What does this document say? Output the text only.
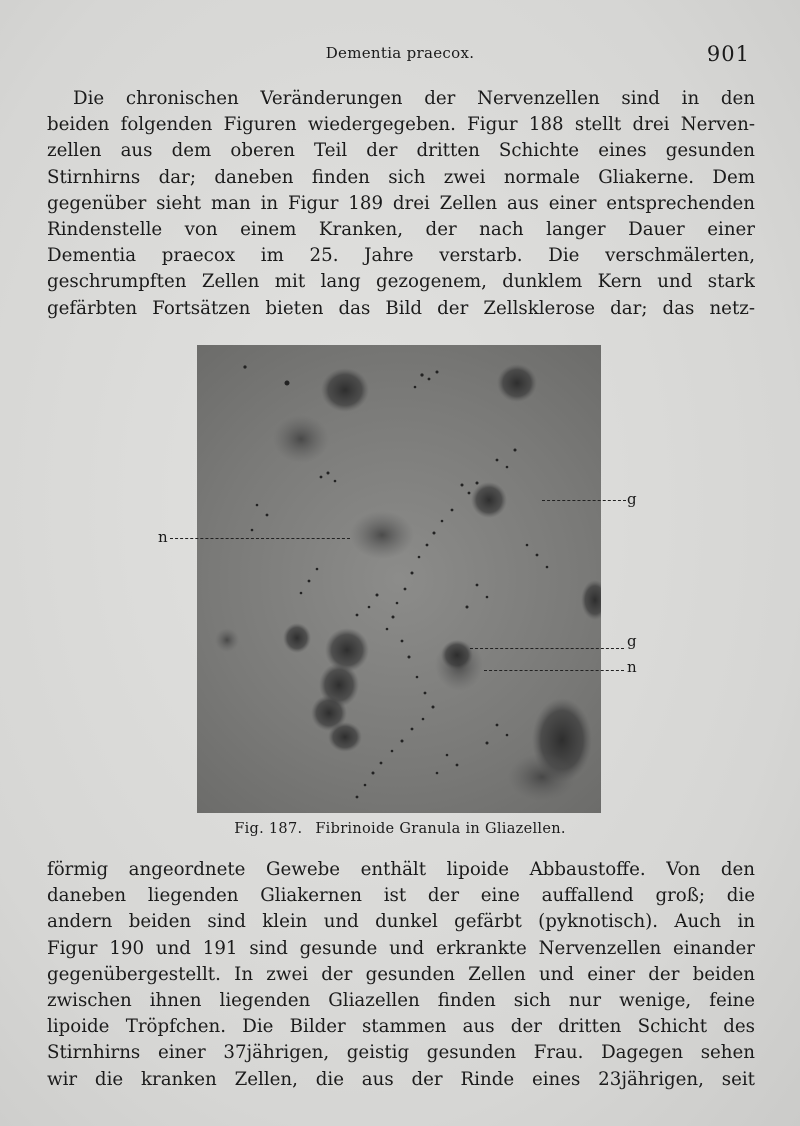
Dementia praecox.	901
Die chronischen Veränderungen der Nervenzellen sind in den
beiden folgenden Figuren wiedergegeben. Figur 188 stellt drei Nerven-
zellen aus dem oberen Teil der dritten Schichte eines gesunden
Stirnhirns dar; daneben finden sich zwei normale Gliakerne. Dem
gegenüber sieht man in Figur 189 drei Zellen aus einer entsprechenden
Rindenstelle von einem Kranken, der nach langer Dauer einer
Dementia praecox im 25. Jahre verstarb. Die verschmälerten,
geschrumpften Zellen mit lang gezogenem, dunklem Kern und stark
gefärbten Fortsätzen bieten das Bild der Zellsklerose dar; das netz-
g
n
g
n
Fig. 187. Fibrinoide Granula in Gliazellen.
förmig angeordnete Gewebe enthält lipoide Abbaustoffe. Von den
daneben liegenden Gliakernen ist der eine auffallend groß; die
andern beiden sind klein und dunkel gefärbt (pyknotisch). Auch in
Figur 190 und 191 sind gesunde und erkrankte Nervenzellen einander
gegenübergestellt. In zwei der gesunden Zellen und einer der beiden
zwischen ihnen liegenden Gliazellen finden sich nur wenige, feine
lipoide Tröpfchen. Die Bilder stammen aus der dritten Schicht des
Stirnhirns einer 37jährigen, geistig gesunden Frau. Dagegen sehen
wir die kranken Zellen, die aus der Rinde eines 23jährigen, seit
